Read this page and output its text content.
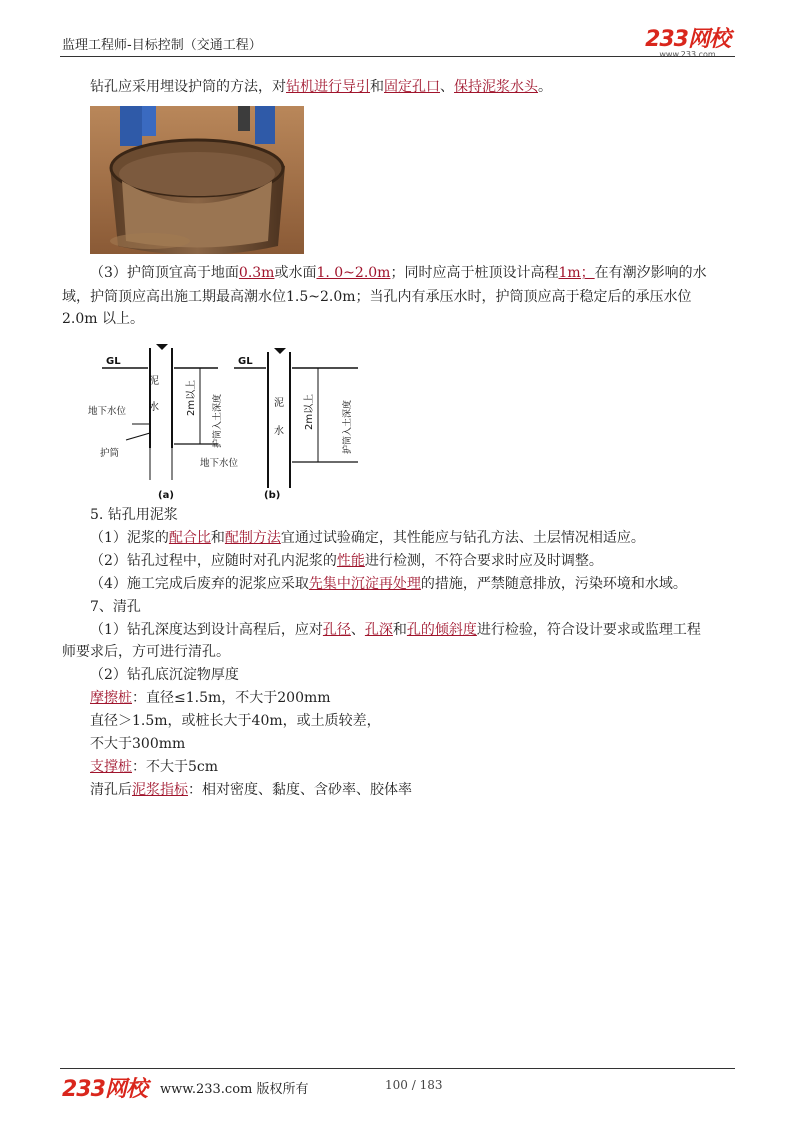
监理工程师-目标控制（交通工程）	233网校
www.233.com
钻孔应采用埋设护筒的方法，对钻机进行导引和固定孔口、保持泥浆水头。
（3）护筒顶宜高于地面0.3m或水面1. 0~2.0m；同时应高于桩顶设计高程1m；在有潮汐影响的水
域，护筒顶应高出施工期最高潮水位1.5~2.0m；当孔内有承压水时，护筒顶应高于稳定后的承压水位
2.0m 以上。
GL
泥
水	2m以上 护筒入土深度
地下水位
护筒
地下水位
(a)
GL
泥
水
2m以上	护筒入土深度
(b)
5. 钻孔用泥浆
（1）泥浆的配合比和配制方法宜通过试验确定，其性能应与钻孔方法、土层情况相适应。
（2）钻孔过程中，应随时对孔内泥浆的性能进行检测，不符合要求时应及时调整。
（4）施工完成后废弃的泥浆应采取先集中沉淀再处理的措施，严禁随意排放，污染环境和水域。
7、清孔
（1）钻孔深度达到设计高程后，应对孔径、孔深和孔的倾斜度进行检验，符合设计要求或监理工程
师要求后，方可进行清孔。
（2）钻孔底沉淀物厚度
摩擦桩：直径≤1.5m，不大于200mm
直径＞1.5m，或桩长大于40m，或土质较差，
不大于300mm
支撑桩：不大于5cm
清孔后泥浆指标：相对密度、黏度、含砂率、胶体率
233网校 www.233.com 版权所有	100 / 183
